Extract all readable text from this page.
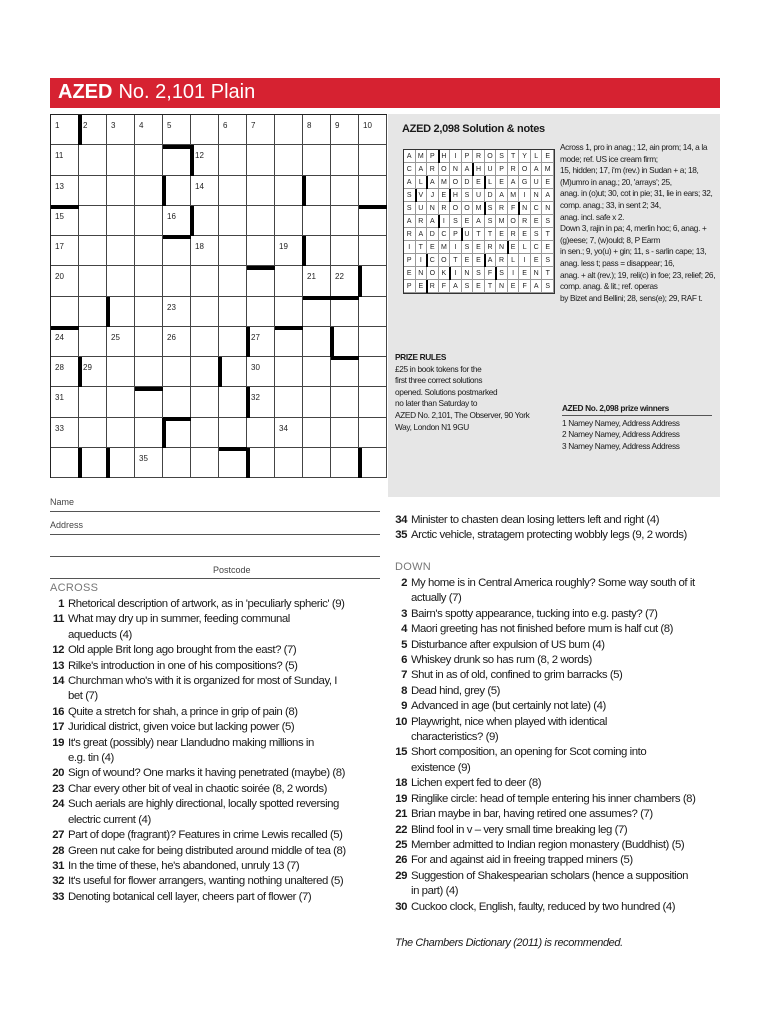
AZED No. 2,101 Plain
1	2	3	4	5	6	7	8	9	10
11	12
13	14
15	16
17	18	19
20	21 22
23
24	25	26	27
28 29	30
31	32
33	34
35
AZED 2,098 Solution & notes
A M P H	I	P R O S	T	Y	L	E
C A R O N A H U P R O A M
A	L	A M O D E	L	E A G U E
S V	J	E H S U D A M	I	N A
S U N R O O M S R F N C N
A R A	I	S E A S M O R E S
R A D C P U T	T	E R E S	T
I	T	E M	I	S E R N E	L	C E
P	I	C O T	E E A R	L	I	E S
E N O K	I	N S	F	S	I	E N T
P E R F	A S E	T N E	F	A S
Across 1, pro in anag.; 12, ain prom; 14, a la mode; ref. US ice cream firm;
15, hidden; 17, i'm (rev.) in Sudan + a; 18, (M)umro in anag.; 20, 'arrays'; 25,
anag. in (o)ut; 30, cot in pie; 31, lie in ears; 32, comp. anag.; 33, in sent 2; 34,
anag. incl. safe x 2.
Down 3, rajin in pa; 4, merlin hoc; 6, anag. + (g)eese; 7, (w)ould; 8, P Earm
in sen.; 9, yo(u) + gin; 11, s - sarlin cape; 13, anag. less t; pass = disappear; 16,
anag. + alt (rev.); 19, reli(c) in foe; 23, relief; 26, comp. anag. & lit.; ref. operas
by Bizet and Bellini; 28, sens(e); 29, RAF t.
PRIZE RULES
£25 in book tokens for the
first three correct solutions
opened. Solutions postmarked
no later than Saturday to
AZED No. 2,101, The Observer, 90 York
Way, London N1 9GU
AZED No. 2,098 prize winners
1 Namey Namey, Address Address
2 Namey Namey, Address Address
3 Namey Namey, Address Address
Name
Address
Postcode
ACROSS
1 Rhetorical description of artwork, as in 'peculiarly spheric' (9)
11 What may dry up in summer, feeding communal
aqueducts (4)
12 Old apple Brit long ago brought from the east? (7)
13 Rilke's introduction in one of his compositions? (5)
14 Churchman who's with it is organized for most of Sunday, I
bet (7)
16 Quite a stretch for shah, a prince in grip of pain (8)
17 Juridical district, given voice but lacking power (5)
19 It's great (possibly) near Llandudno making millions in
e.g. tin (4)
20 Sign of wound? One marks it having penetrated (maybe) (8)
23 Char every other bit of veal in chaotic soirée (8, 2 words)
24 Such aerials are highly directional, locally spotted reversing
electric current (4)
27 Part of dope (fragrant)? Features in crime Lewis recalled (5)
28 Green nut cake for being distributed around middle of tea (8)
31 In the time of these, he's abandoned, unruly 13 (7)
32 It's useful for flower arrangers, wanting nothing unaltered (5)
33 Denoting botanical cell layer, cheers part of flower (7)
34 Minister to chasten dean losing letters left and right (4)
35 Arctic vehicle, stratagem protecting wobbly legs (9, 2 words)
DOWN
2 My home is in Central America roughly? Some way south of it
actually (7)
3 Bairn's spotty appearance, tucking into e.g. pasty? (7)
4 Maori greeting has not finished before mum is half cut (8)
5 Disturbance after expulsion of US bum (4)
6 Whiskey drunk so has rum (8, 2 words)
7 Shut in as of old, confined to grim barracks (5)
8 Dead hind, grey (5)
9 Advanced in age (but certainly not late) (4)
10 Playwright, nice when played with identical
characteristics? (9)
15 Short composition, an opening for Scot coming into
existence (9)
18 Lichen expert fed to deer (8)
19 Ringlike circle: head of temple entering his inner chambers (8)
21 Brian maybe in bar, having retired one assumes? (7)
22 Blind fool in v – very small time breaking leg (7)
25 Member admitted to Indian region monastery (Buddhist) (5)
26 For and against aid in freeing trapped miners (5)
29 Suggestion of Shakespearian scholars (hence a supposition
in part) (4)
30 Cuckoo clock, English, faulty, reduced by two hundred (4)
The Chambers Dictionary (2011) is recommended.
